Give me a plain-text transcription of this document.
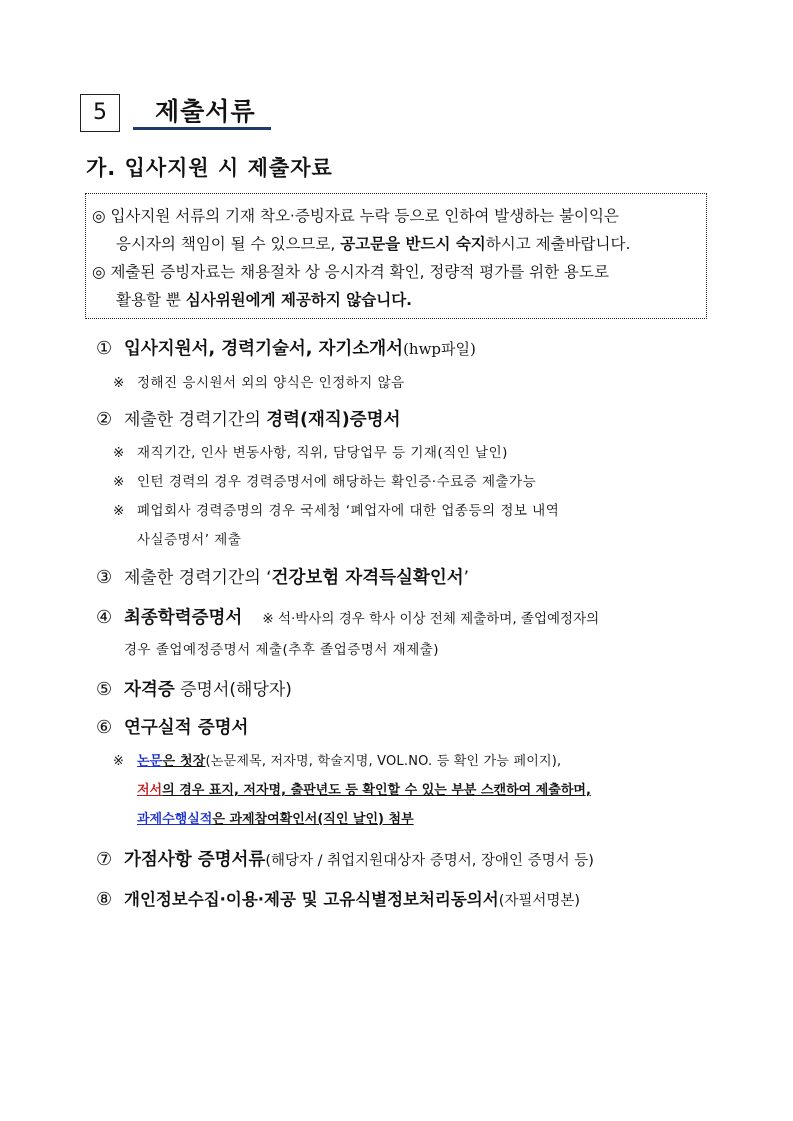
5	제출서류
가. 입사지원 시 제출자료
◎ 입사지원 서류의 기재 착오·증빙자료 누락 등으로 인하여 발생하는 불이익은
응시자의 책임이 될 수 있으므로, 공고문을 반드시 숙지하시고 제출바랍니다.
◎ 제출된 증빙자료는 채용절차 상 응시자격 확인, 정량적 평가를 위한 용도로
활용할 뿐 심사위원에게 제공하지 않습니다.
① 입사지원서, 경력기술서, 자기소개서(hwp파일)
※ 정해진 응시원서 외의 양식은 인정하지 않음
② 제출한 경력기간의 경력(재직)증명서
※ 재직기간, 인사 변동사항, 직위, 담당업무 등 기재(직인 날인)
※ 인턴 경력의 경우 경력증명서에 해당하는 확인증·수료증 제출가능
※ 폐업회사 경력증명의 경우 국세청 ‘폐업자에 대한 업종등의 정보 내역
사실증명서’ 제출
③ 제출한 경력기간의 ‘건강보험 자격득실확인서’
④ 최종학력증명서 ※ 석·박사의 경우 학사 이상 전체 제출하며, 졸업예정자의
경우 졸업예정증명서 제출(추후 졸업증명서 재제출)
⑤ 자격증 증명서(해당자)
⑥ 연구실적 증명서
※ 논문은 첫장(논문제목, 저자명, 학술지명, VOL.NO. 등 확인 가능 페이지),
저서의 경우 표지, 저자명, 출판년도 등 확인할 수 있는 부분 스캔하여 제출하며,
과제수행실적은 과제참여확인서(직인 날인) 첨부
⑦ 가점사항 증명서류(해당자 / 취업지원대상자 증명서, 장애인 증명서 등)
⑧ 개인정보수집·이용·제공 및 고유식별정보처리동의서(자필서명본)
